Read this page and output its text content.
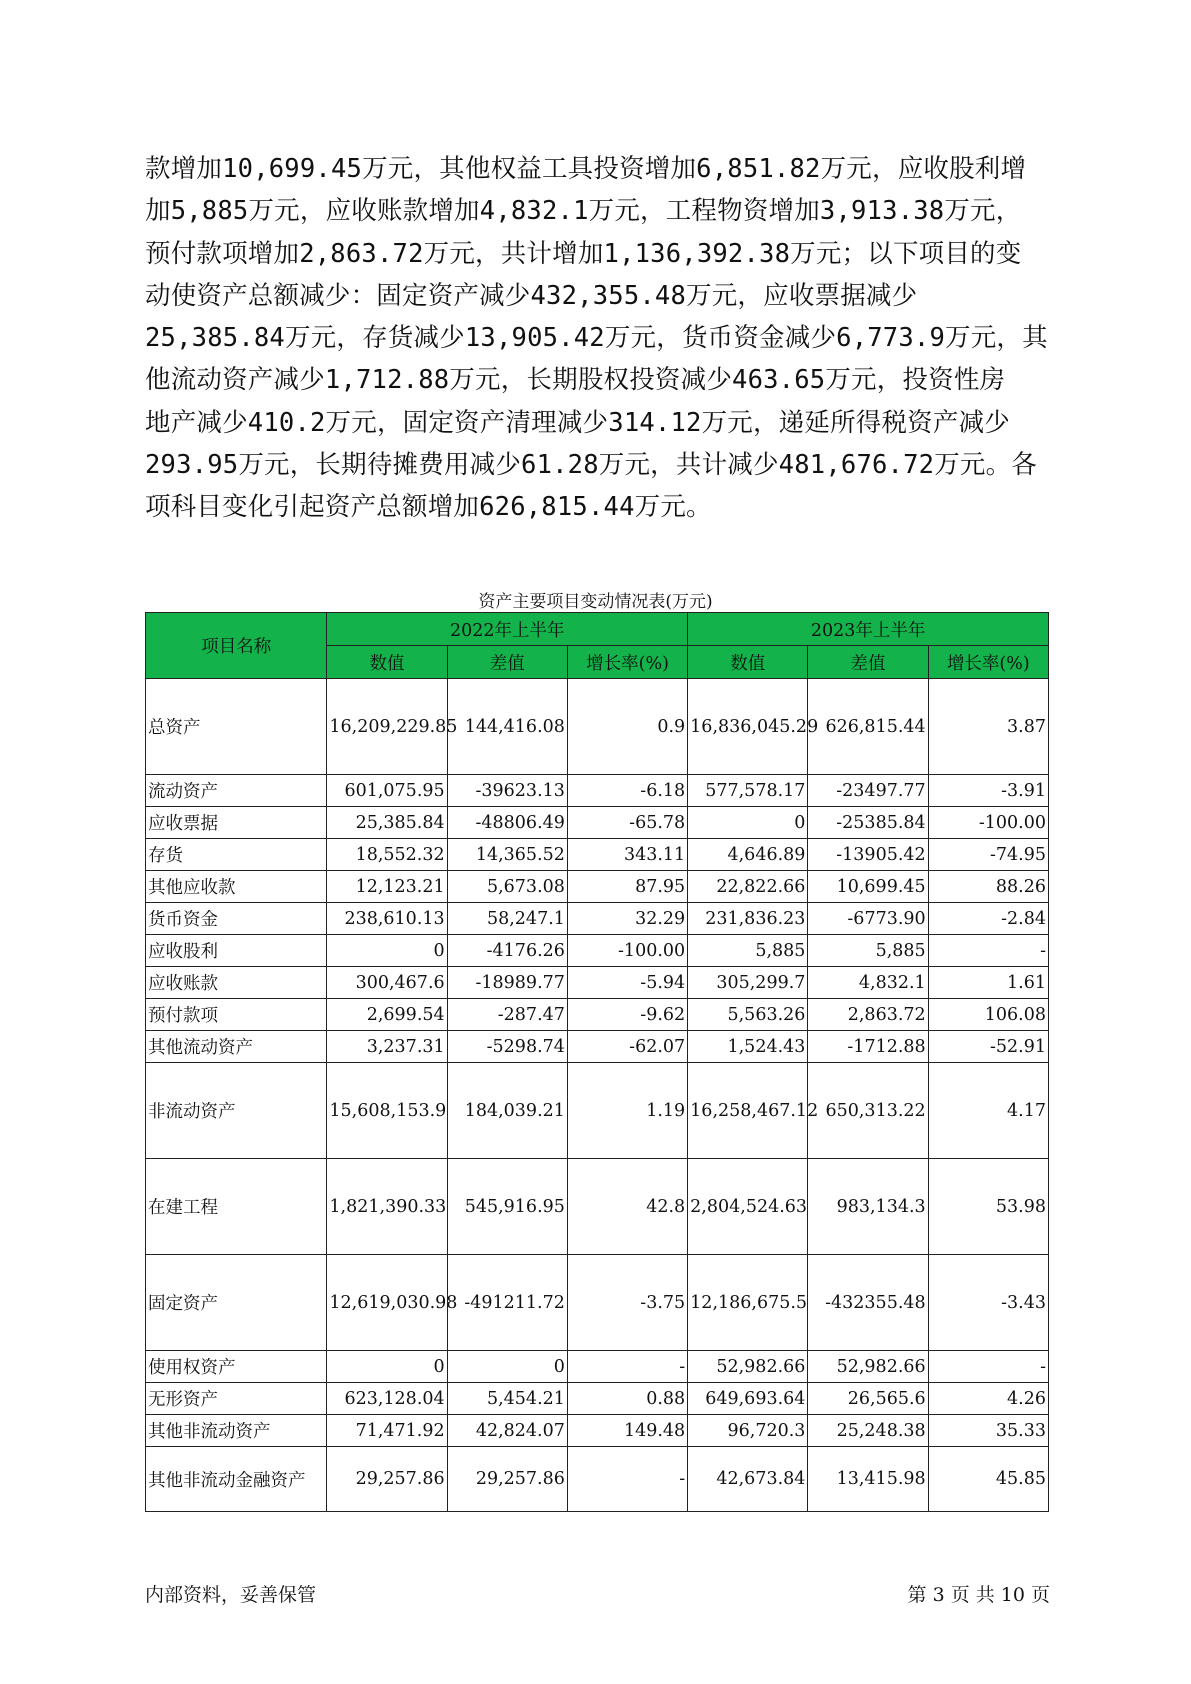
款增加10,699.45万元，其他权益工具投资增加6,851.82万元，应收股利增
加5,885万元，应收账款增加4,832.1万元，工程物资增加3,913.38万元，
预付款项增加2,863.72万元，共计增加1,136,392.38万元；以下项目的变
动使资产总额减少：固定资产减少432,355.48万元，应收票据减少
25,385.84万元，存货减少13,905.42万元，货币资金减少6,773.9万元，其
他流动资产减少1,712.88万元，长期股权投资减少463.65万元，投资性房
地产减少410.2万元，固定资产清理减少314.12万元，递延所得税资产减少
293.95万元，长期待摊费用减少61.28万元，共计减少481,676.72万元。各
项科目变化引起资产总额增加626,815.44万元。
资产主要项目变动情况表(万元)
项目名称	2022年上半年			2023年上半年		
	数值	差值	增长率(%)	数值	差值	增长率(%)
总资产	16,209,229.85	144,416.08	0.9	16,836,045.29	626,815.44	3.87
流动资产	601,075.95	-39623.13	-6.18	577,578.17	-23497.77	-3.91
应收票据	25,385.84	-48806.49	-65.78	0	-25385.84	-100.00
存货	18,552.32	14,365.52	343.11	4,646.89	-13905.42	-74.95
其他应收款	12,123.21	5,673.08	87.95	22,822.66	10,699.45	88.26
货币资金	238,610.13	58,247.1	32.29	231,836.23	-6773.90	-2.84
应收股利	0	-4176.26	-100.00	5,885	5,885	-
应收账款	300,467.6	-18989.77	-5.94	305,299.7	4,832.1	1.61
预付款项	2,699.54	-287.47	-9.62	5,563.26	2,863.72	106.08
其他流动资产	3,237.31	-5298.74	-62.07	1,524.43	-1712.88	-52.91
非流动资产	15,608,153.9	184,039.21	1.19	16,258,467.12	650,313.22	4.17
在建工程	1,821,390.33	545,916.95	42.8	2,804,524.63	983,134.3	53.98
固定资产	12,619,030.98	-491211.72	-3.75	12,186,675.5	-432355.48	-3.43
使用权资产	0	0	-	52,982.66	52,982.66	-
无形资产	623,128.04	5,454.21	0.88	649,693.64	26,565.6	4.26
其他非流动资产	71,471.92	42,824.07	149.48	96,720.3	25,248.38	35.33
其他非流动金融资产	29,257.86	29,257.86	-	42,673.84	13,415.98	45.85
内部资料，妥善保管	第 3 页 共 10 页
